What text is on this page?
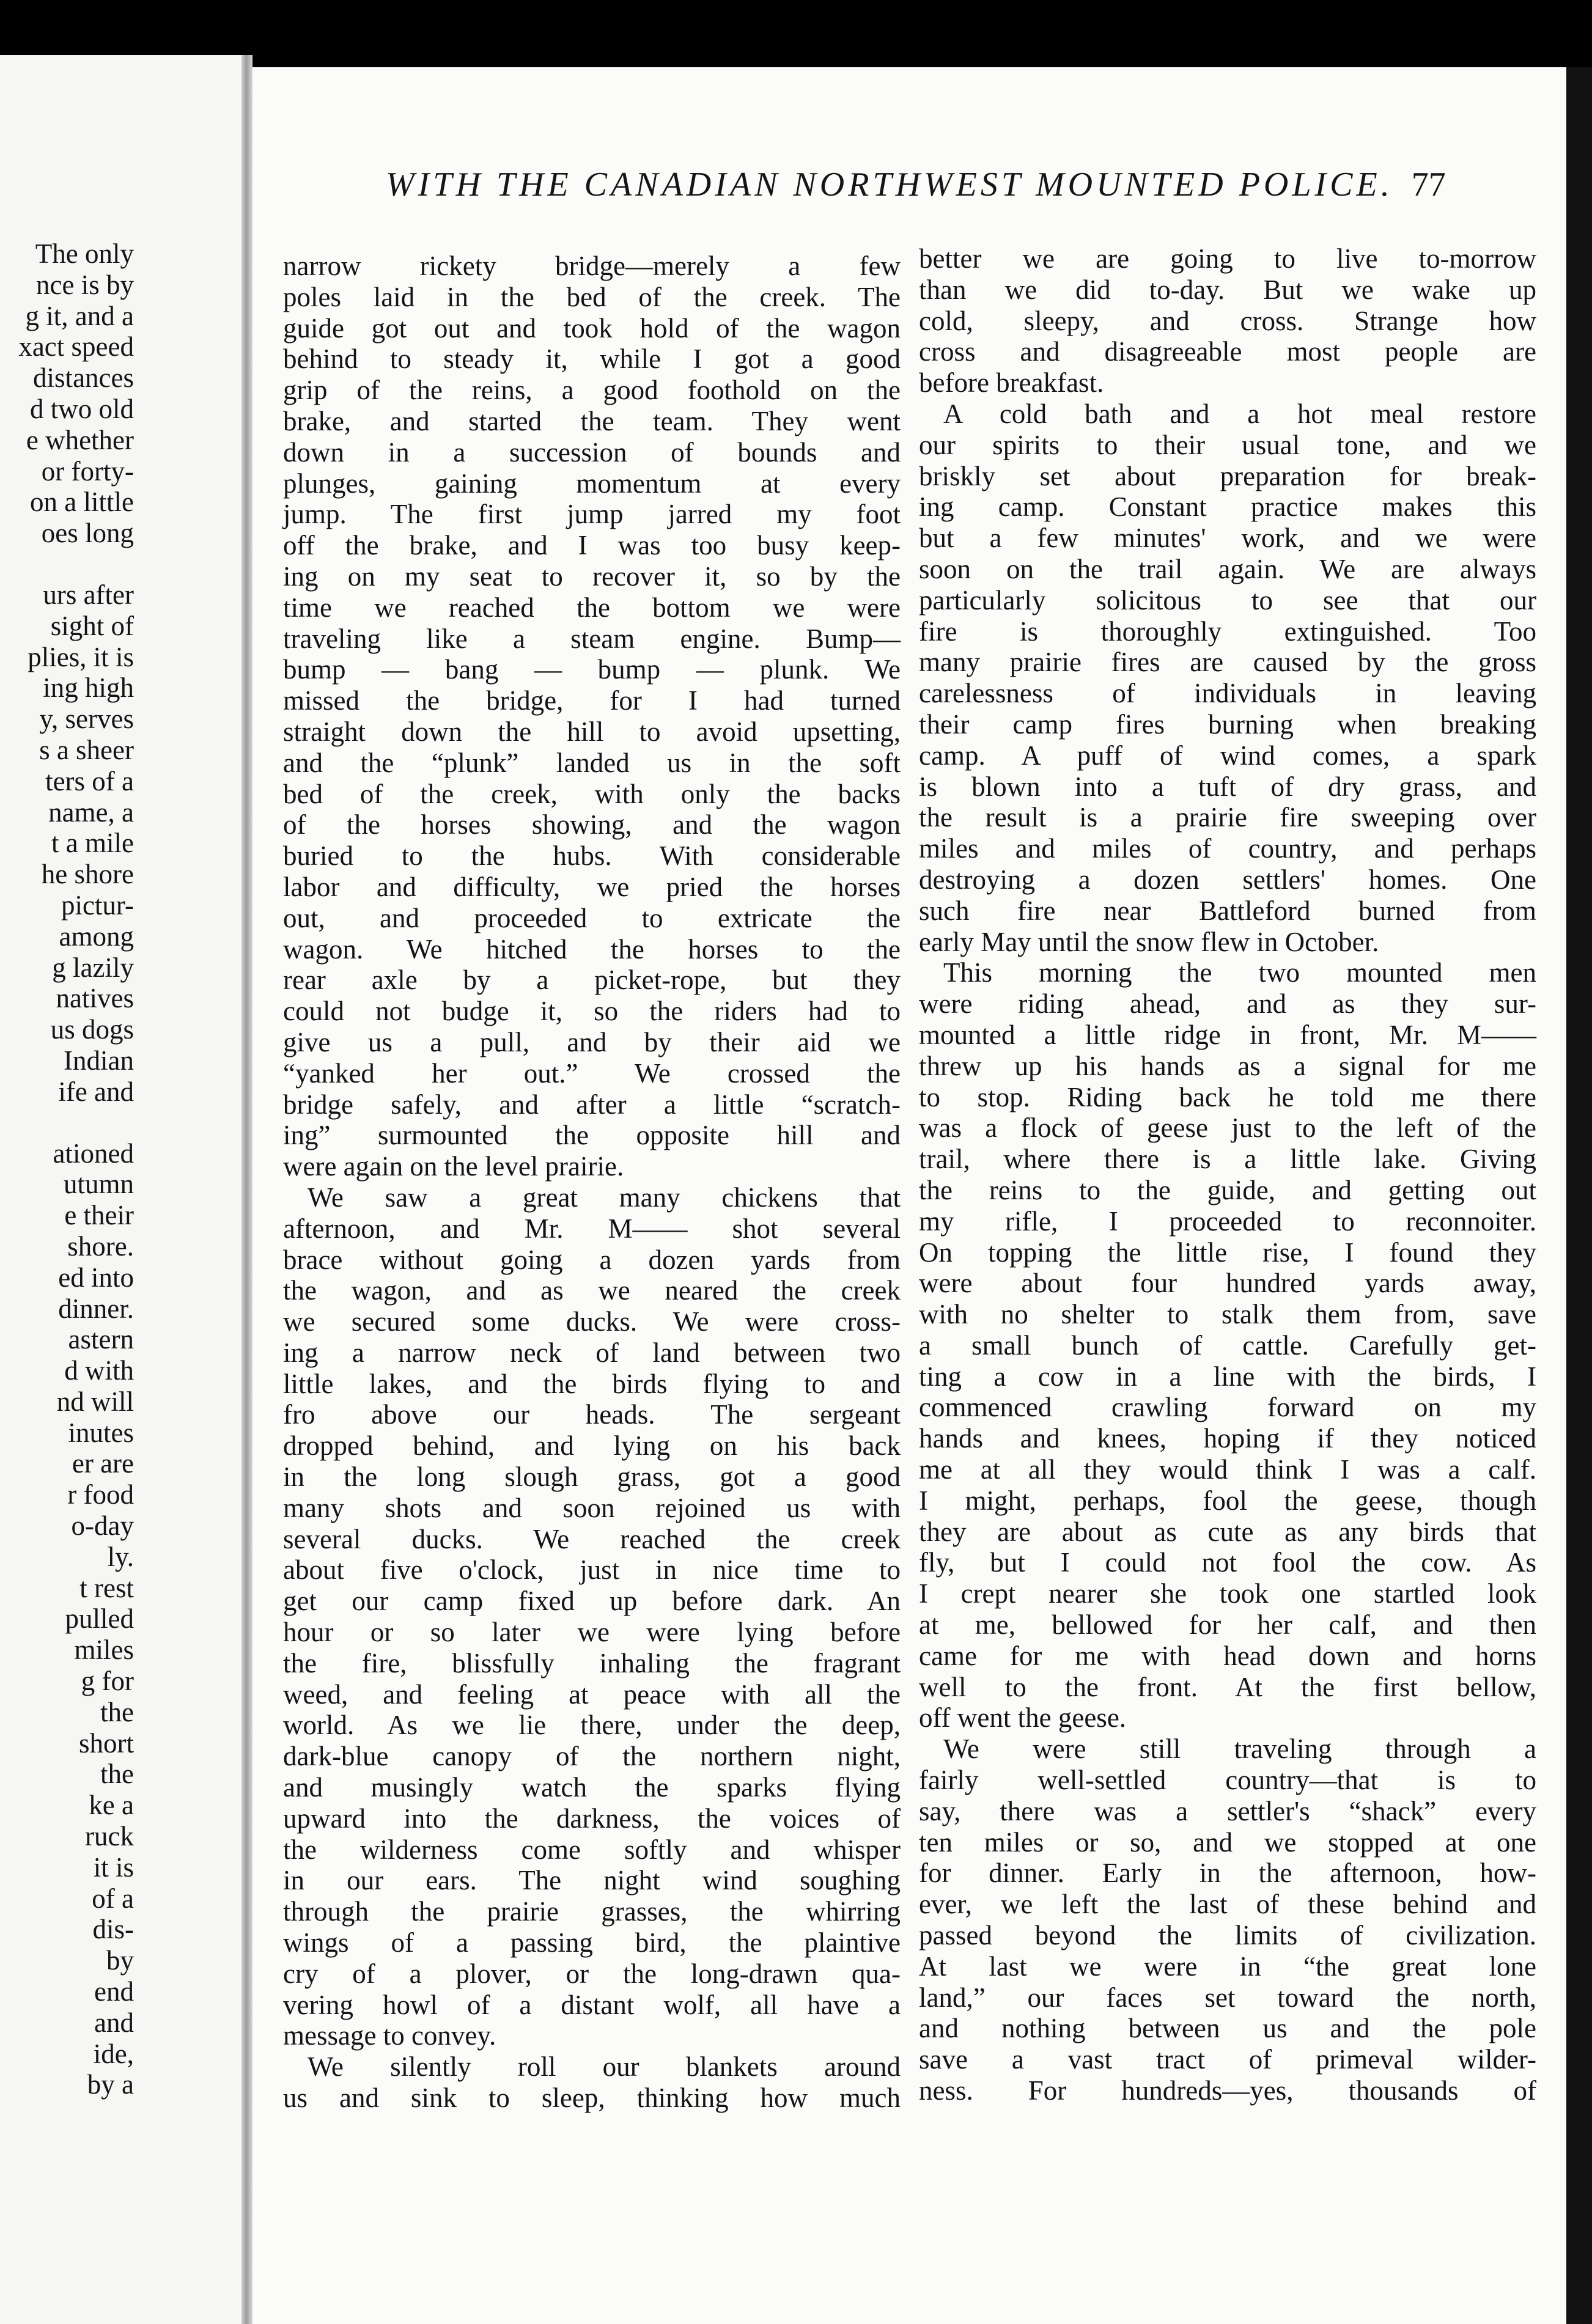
The only
nce is by
g it, and a
xact speed
distances
d two old
e whether
or forty-
on a little
oes long
urs after
sight of
plies, it is
ing high
y, serves
s a sheer
ters of a
name, a
t a mile
he shore
pictur-
among
g lazily
natives
us dogs
Indian
ife and
ationed
utumn
e their
shore.
ed into
dinner.
astern
d with
nd will
inutes
er are
r food
o-day
ly.
t rest
pulled
miles
g for
the
short
the
ke a
ruck
it is
of a
dis-
by
end
and
ide,
by a
WITH THE CANADIAN NORTHWEST MOUNTED POLICE. 77
narrow rickety bridge—merely a few
poles laid in the bed of the creek. The
guide got out and took hold of the wagon
behind to steady it, while I got a good
grip of the reins, a good foothold on the
brake, and started the team. They went
down in a succession of bounds and
plunges, gaining momentum at every
jump. The first jump jarred my foot
off the brake, and I was too busy keep-
ing on my seat to recover it, so by the
time we reached the bottom we were
traveling like a steam engine. Bump—
bump — bang — bump — plunk. We
missed the bridge, for I had turned
straight down the hill to avoid upsetting,
and the “plunk” landed us in the soft
bed of the creek, with only the backs
of the horses showing, and the wagon
buried to the hubs. With considerable
labor and difficulty, we pried the horses
out, and proceeded to extricate the
wagon. We hitched the horses to the
rear axle by a picket-rope, but they
could not budge it, so the riders had to
give us a pull, and by their aid we
“yanked her out.” We crossed the
bridge safely, and after a little “scratch-
ing” surmounted the opposite hill and
were again on the level prairie.
We saw a great many chickens that
afternoon, and Mr. M—— shot several
brace without going a dozen yards from
the wagon, and as we neared the creek
we secured some ducks. We were cross-
ing a narrow neck of land between two
little lakes, and the birds flying to and
fro above our heads. The sergeant
dropped behind, and lying on his back
in the long slough grass, got a good
many shots and soon rejoined us with
several ducks. We reached the creek
about five o'clock, just in nice time to
get our camp fixed up before dark. An
hour or so later we were lying before
the fire, blissfully inhaling the fragrant
weed, and feeling at peace with all the
world. As we lie there, under the deep,
dark-blue canopy of the northern night,
and musingly watch the sparks flying
upward into the darkness, the voices of
the wilderness come softly and whisper
in our ears. The night wind soughing
through the prairie grasses, the whirring
wings of a passing bird, the plaintive
cry of a plover, or the long-drawn qua-
vering howl of a distant wolf, all have a
message to convey.
We silently roll our blankets around
us and sink to sleep, thinking how much
better we are going to live to-morrow
than we did to-day. But we wake up
cold, sleepy, and cross. Strange how
cross and disagreeable most people are
before breakfast.
A cold bath and a hot meal restore
our spirits to their usual tone, and we
briskly set about preparation for break-
ing camp. Constant practice makes this
but a few minutes' work, and we were
soon on the trail again. We are always
particularly solicitous to see that our
fire is thoroughly extinguished. Too
many prairie fires are caused by the gross
carelessness of individuals in leaving
their camp fires burning when breaking
camp. A puff of wind comes, a spark
is blown into a tuft of dry grass, and
the result is a prairie fire sweeping over
miles and miles of country, and perhaps
destroying a dozen settlers' homes. One
such fire near Battleford burned from
early May until the snow flew in October.
This morning the two mounted men
were riding ahead, and as they sur-
mounted a little ridge in front, Mr. M——
threw up his hands as a signal for me
to stop. Riding back he told me there
was a flock of geese just to the left of the
trail, where there is a little lake. Giving
the reins to the guide, and getting out
my rifle, I proceeded to reconnoiter.
On topping the little rise, I found they
were about four hundred yards away,
with no shelter to stalk them from, save
a small bunch of cattle. Carefully get-
ting a cow in a line with the birds, I
commenced crawling forward on my
hands and knees, hoping if they noticed
me at all they would think I was a calf.
I might, perhaps, fool the geese, though
they are about as cute as any birds that
fly, but I could not fool the cow. As
I crept nearer she took one startled look
at me, bellowed for her calf, and then
came for me with head down and horns
well to the front. At the first bellow,
off went the geese.
We were still traveling through a
fairly well-settled country—that is to
say, there was a settler's “shack” every
ten miles or so, and we stopped at one
for dinner. Early in the afternoon, how-
ever, we left the last of these behind and
passed beyond the limits of civilization.
At last we were in “the great lone
land,” our faces set toward the north,
and nothing between us and the pole
save a vast tract of primeval wilder-
ness. For hundreds—yes, thousands of
